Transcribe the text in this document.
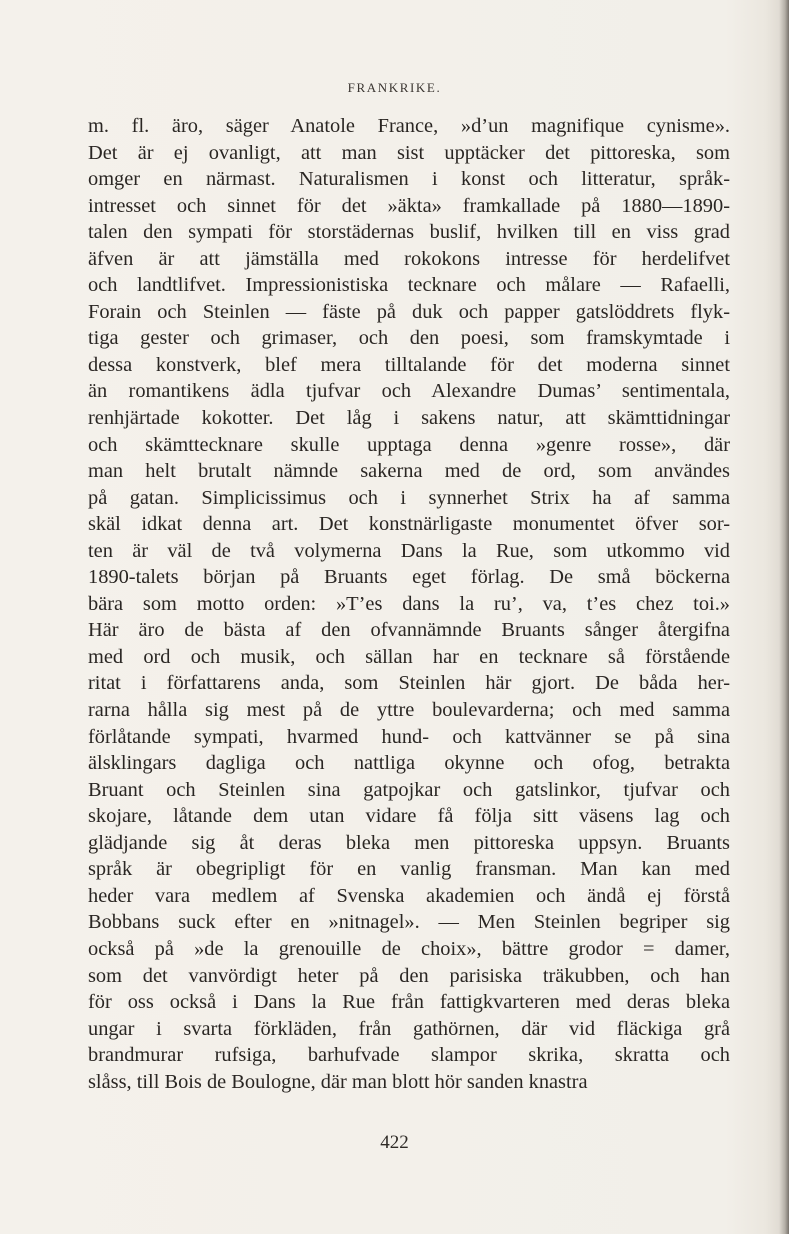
FRANKRIKE.
m. fl. äro, säger Anatole France, »d’un magnifique cynisme».
Det är ej ovanligt, att man sist upptäcker det pittoreska, som
omger en närmast. Naturalismen i konst och litteratur, språk-
intresset och sinnet för det »äkta» framkallade på 1880—1890-
talen den sympati för storstädernas buslif, hvilken till en viss grad
äfven är att jämställa med rokokons intresse för herdelifvet
och landtlifvet. Impressionistiska tecknare och målare — Rafaelli,
Forain och Steinlen — fäste på duk och papper gatslöddrets flyk-
tiga gester och grimaser, och den poesi, som framskymtade i
dessa konstverk, blef mera tilltalande för det moderna sinnet
än romantikens ädla tjufvar och Alexandre Dumas’ sentimentala,
renhjärtade kokotter. Det låg i sakens natur, att skämttidningar
och skämttecknare skulle upptaga denna »genre rosse», där
man helt brutalt nämnde sakerna med de ord, som användes
på gatan. Simplicissimus och i synnerhet Strix ha af samma
skäl idkat denna art. Det konstnärligaste monumentet öfver sor-
ten är väl de två volymerna Dans la Rue, som utkommo vid
1890-talets början på Bruants eget förlag. De små böckerna
bära som motto orden: »T’es dans la ru’, va, t’es chez toi.»
Här äro de bästa af den ofvannämnde Bruants sånger återgifna
med ord och musik, och sällan har en tecknare så förstående
ritat i författarens anda, som Steinlen här gjort. De båda her-
rarna hålla sig mest på de yttre boulevarderna; och med samma
förlåtande sympati, hvarmed hund- och kattvänner se på sina
älsklingars dagliga och nattliga okynne och ofog, betrakta
Bruant och Steinlen sina gatpojkar och gatslinkor, tjufvar och
skojare, låtande dem utan vidare få följa sitt väsens lag och
glädjande sig åt deras bleka men pittoreska uppsyn. Bruants
språk är obegripligt för en vanlig fransman. Man kan med
heder vara medlem af Svenska akademien och ändå ej förstå
Bobbans suck efter en »nitnagel». — Men Steinlen begriper sig
också på »de la grenouille de choix», bättre grodor = damer,
som det vanvördigt heter på den parisiska träkubben, och han
för oss också i Dans la Rue från fattigkvarteren med deras bleka
ungar i svarta förkläden, från gathörnen, där vid fläckiga grå
brandmurar rufsiga, barhufvade slampor skrika, skratta och
slåss, till Bois de Boulogne, där man blott hör sanden knastra
422
